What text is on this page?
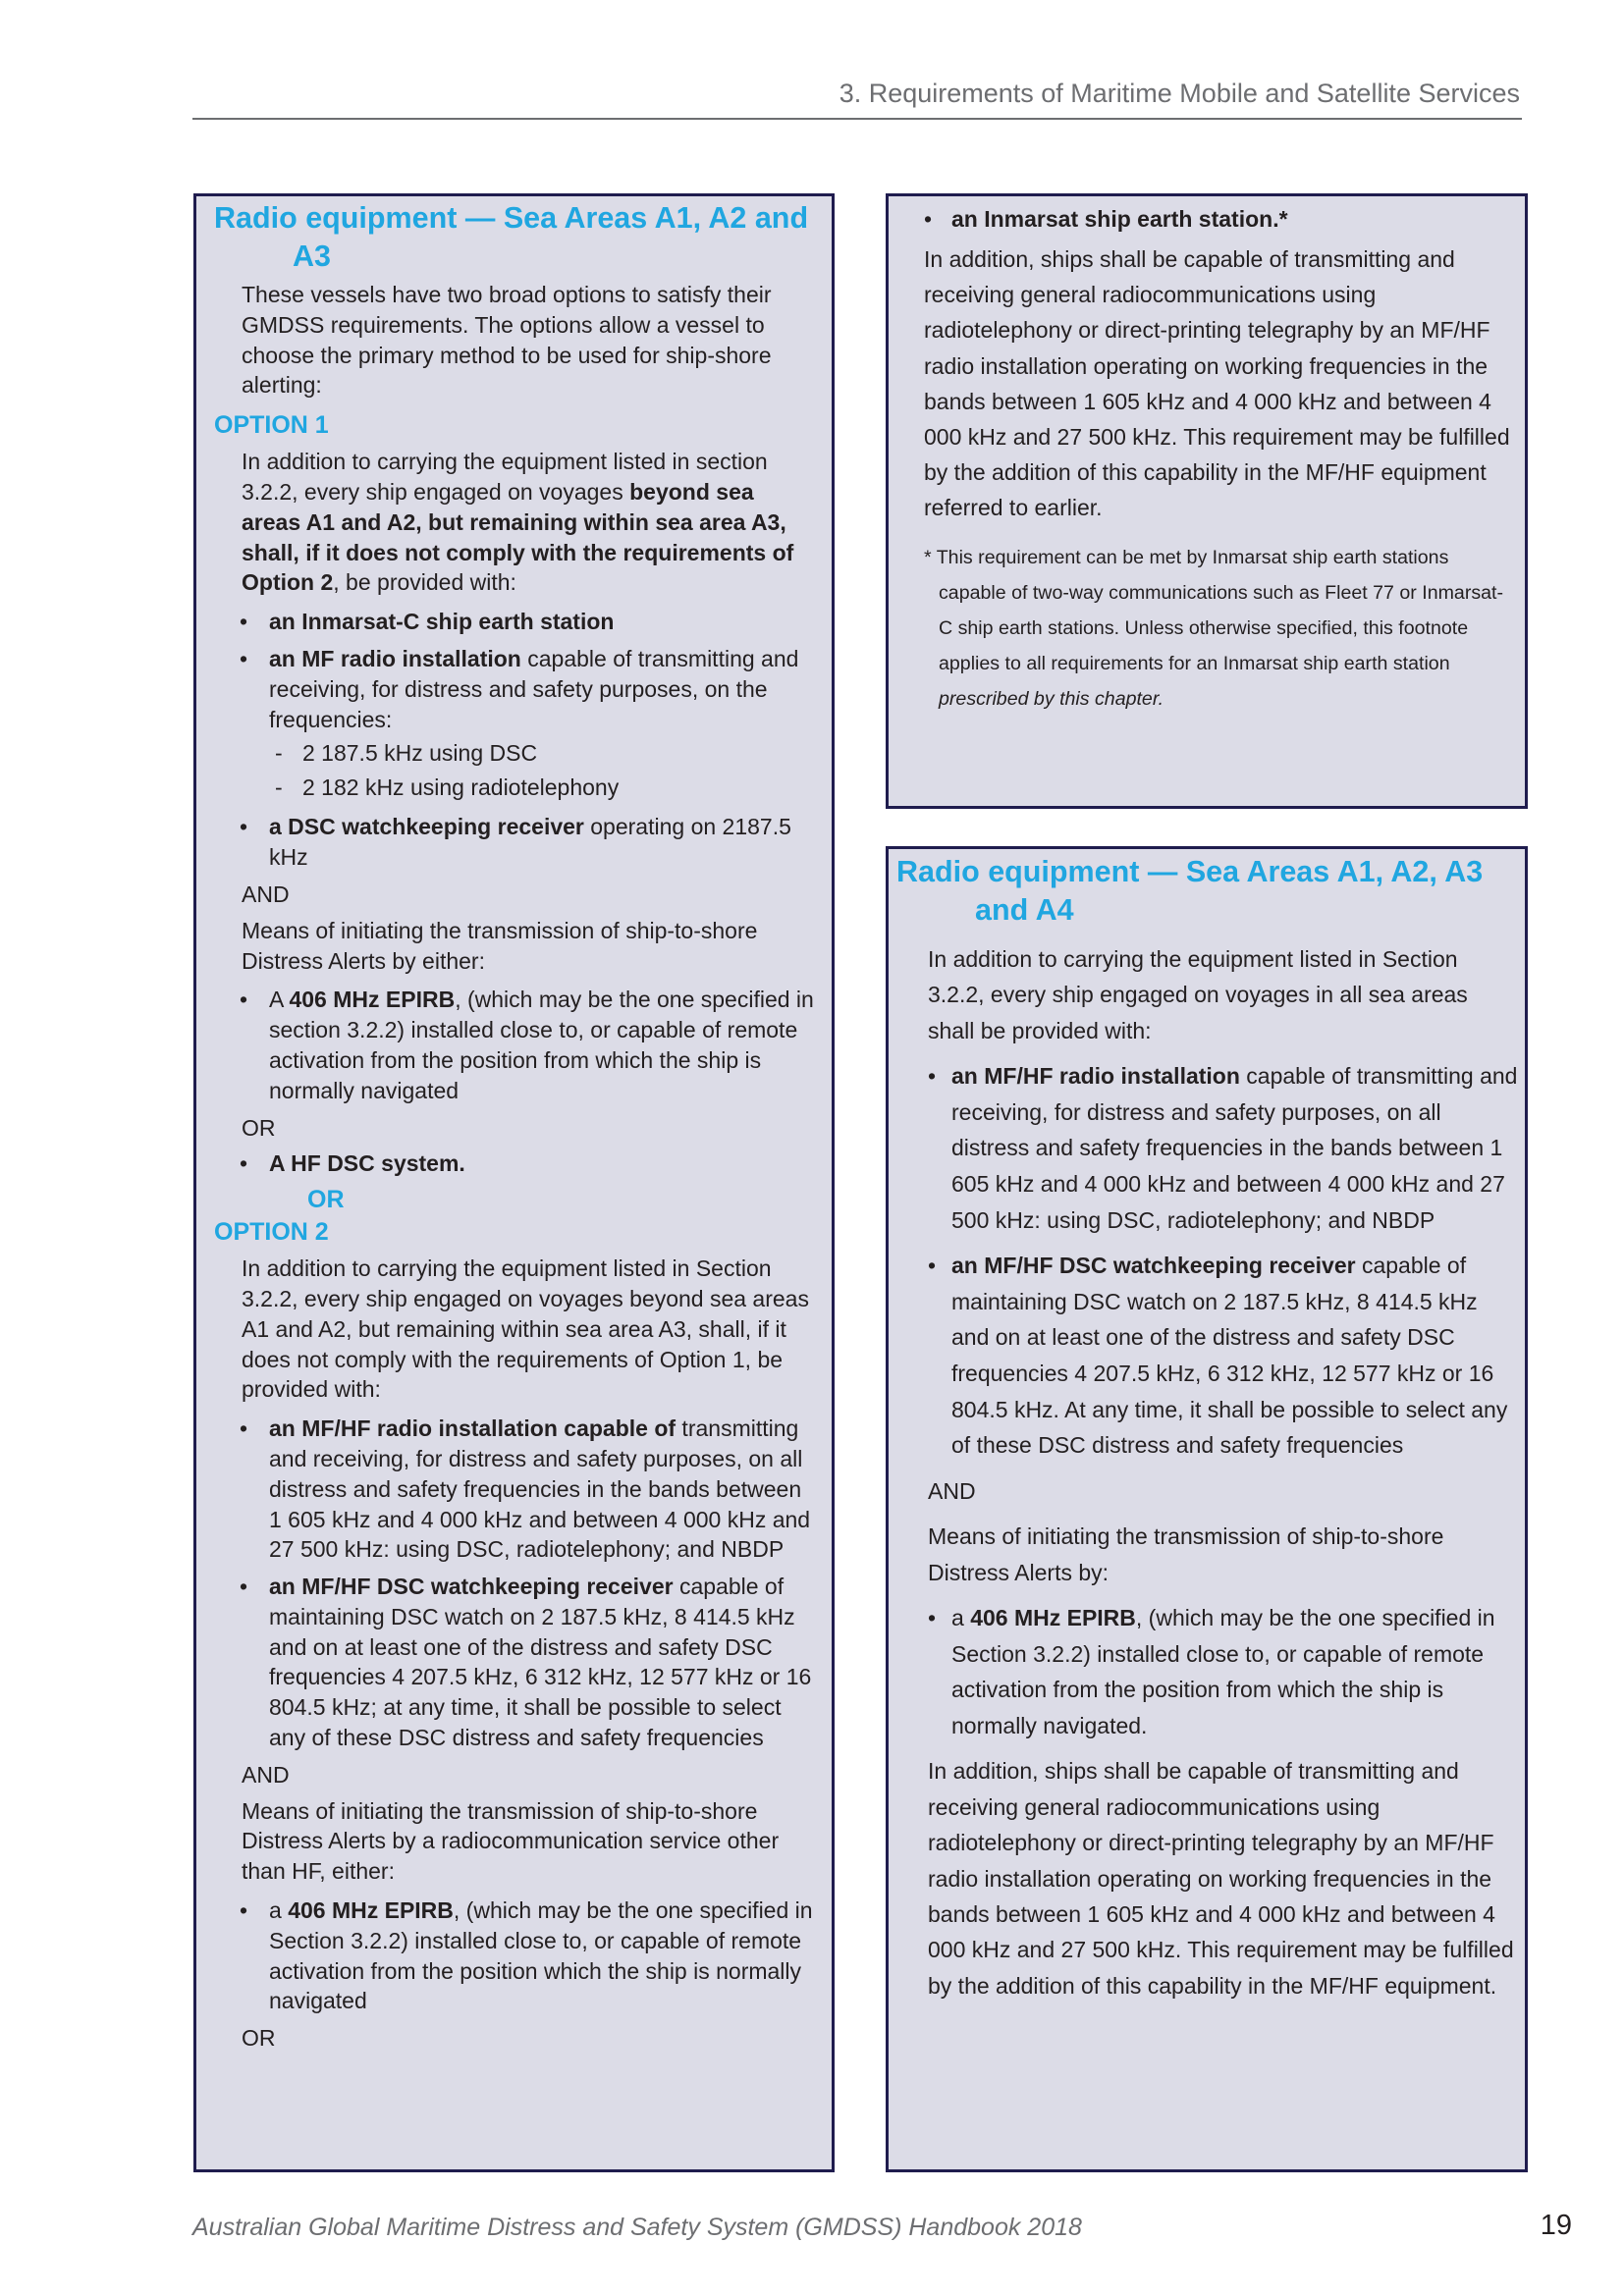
3. Requirements of Maritime Mobile and Satellite Services
Radio equipment — Sea Areas A1, A2 and A3

These vessels have two broad options to satisfy their GMDSS requirements. The options allow a vessel to choose the primary method to be used for ship-shore alerting:

OPTION 1

In addition to carrying the equipment listed in section 3.2.2, every ship engaged on voyages beyond sea areas A1 and A2, but remaining within sea area A3, shall, if it does not comply with the requirements of Option 2, be provided with:

• an Inmarsat-C ship earth station
• an MF radio installation capable of transmitting and receiving, for distress and safety purposes, on the frequencies:
- 2 187.5 kHz using DSC
- 2 182 kHz using radiotelephony
• a DSC watchkeeping receiver operating on 2187.5 kHz
AND

Means of initiating the transmission of ship-to-shore Distress Alerts by either:

• A 406 MHz EPIRB, (which may be the one specified in section 3.2.2) installed close to, or capable of remote activation from the position from which the ship is normally navigated
OR
• A HF DSC system.
OR
OPTION 2

In addition to carrying the equipment listed in Section 3.2.2, every ship engaged on voyages beyond sea areas A1 and A2, but remaining within sea area A3, shall, if it does not comply with the requirements of Option 1, be provided with:

• an MF/HF radio installation capable of transmitting and receiving, for distress and safety purposes, on all distress and safety frequencies in the bands between 1 605 kHz and 4 000 kHz and between 4 000 kHz and 27 500 kHz: using DSC, radiotelephony; and NBDP
• an MF/HF DSC watchkeeping receiver capable of maintaining DSC watch on 2 187.5 kHz, 8 414.5 kHz and on at least one of the distress and safety DSC frequencies 4 207.5 kHz, 6 312 kHz, 12 577 kHz or 16 804.5 kHz; at any time, it shall be possible to select any of these DSC distress and safety frequencies
AND

Means of initiating the transmission of ship-to-shore Distress Alerts by a radiocommunication service other than HF, either:

• a 406 MHz EPIRB, (which may be the one specified in Section 3.2.2) installed close to, or capable of remote activation from the position which the ship is normally navigated
OR
• an Inmarsat ship earth station.*

In addition, ships shall be capable of transmitting and receiving general radiocommunications using radiotelephony or direct-printing telegraphy by an MF/HF radio installation operating on working frequencies in the bands between 1 605 kHz and 4 000 kHz and between 4 000 kHz and 27 500 kHz. This requirement may be fulfilled by the addition of this capability in the MF/HF equipment referred to earlier.

* This requirement can be met by Inmarsat ship earth stations capable of two-way communications such as Fleet 77 or Inmarsat-C ship earth stations. Unless otherwise specified, this footnote applies to all requirements for an Inmarsat ship earth station prescribed by this chapter.

Radio equipment — Sea Areas A1, A2, A3 and A4

In addition to carrying the equipment listed in Section 3.2.2, every ship engaged on voyages in all sea areas shall be provided with:

• an MF/HF radio installation capable of transmitting and receiving, for distress and safety purposes, on all distress and safety frequencies in the bands between 1 605 kHz and 4 000 kHz and between 4 000 kHz and 27 500 kHz: using DSC, radiotelephony; and NBDP
• an MF/HF DSC watchkeeping receiver capable of maintaining DSC watch on 2 187.5 kHz, 8 414.5 kHz and on at least one of the distress and safety DSC frequencies 4 207.5 kHz, 6 312 kHz, 12 577 kHz or 16 804.5 kHz. At any time, it shall be possible to select any of these DSC distress and safety frequencies
AND

Means of initiating the transmission of ship-to-shore Distress Alerts by:

• a 406 MHz EPIRB, (which may be the one specified in Section 3.2.2) installed close to, or capable of remote activation from the position from which the ship is normally navigated.

In addition, ships shall be capable of transmitting and receiving general radiocommunications using radiotelephony or direct-printing telegraphy by an MF/HF radio installation operating on working frequencies in the bands between 1 605 kHz and 4 000 kHz and between 4 000 kHz and 27 500 kHz. This requirement may be fulfilled by the addition of this capability in the MF/HF equipment.

Australian Global Maritime Distress and Safety System (GMDSS) Handbook 2018	19
